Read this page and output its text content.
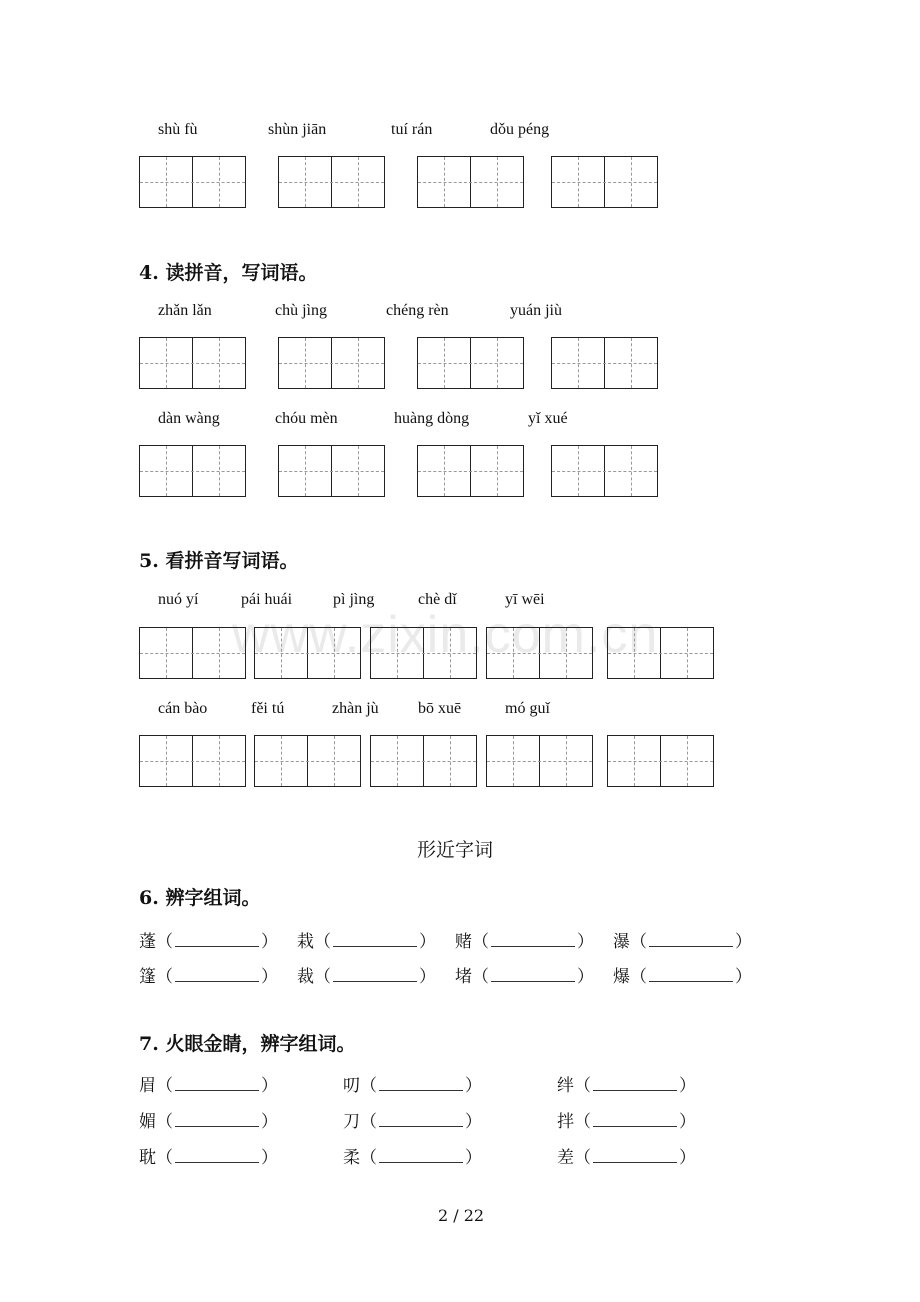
shù fù	shùn jiān	tuí rán	dǒu péng
4. 读拼音，写词语。
zhǎn lǎn	chù jìng	chéng rèn	yuán jiù
dàn wàng	chóu mèn	huàng dòng	yǐ xué
5. 看拼音写词语。
nuó yí	pái huái	pì jìng	chè dǐ	yī wēi
cán bào	fěi tú	zhàn jù bō xuē	mó guǐ
www.zixin.com.cn
形近字词
6. 辨字组词。
7. 火眼金睛，辨字组词。
2 / 22
蓬（	） 栽（	） 赌（	） 瀑（	）
篷（	） 裁（	） 堵（	） 爆（	）
眉（	）	叨（	）	绊（	）
媚（	）	刀（	）	拌（	）
耽（	）	柔（	）	差（	）
